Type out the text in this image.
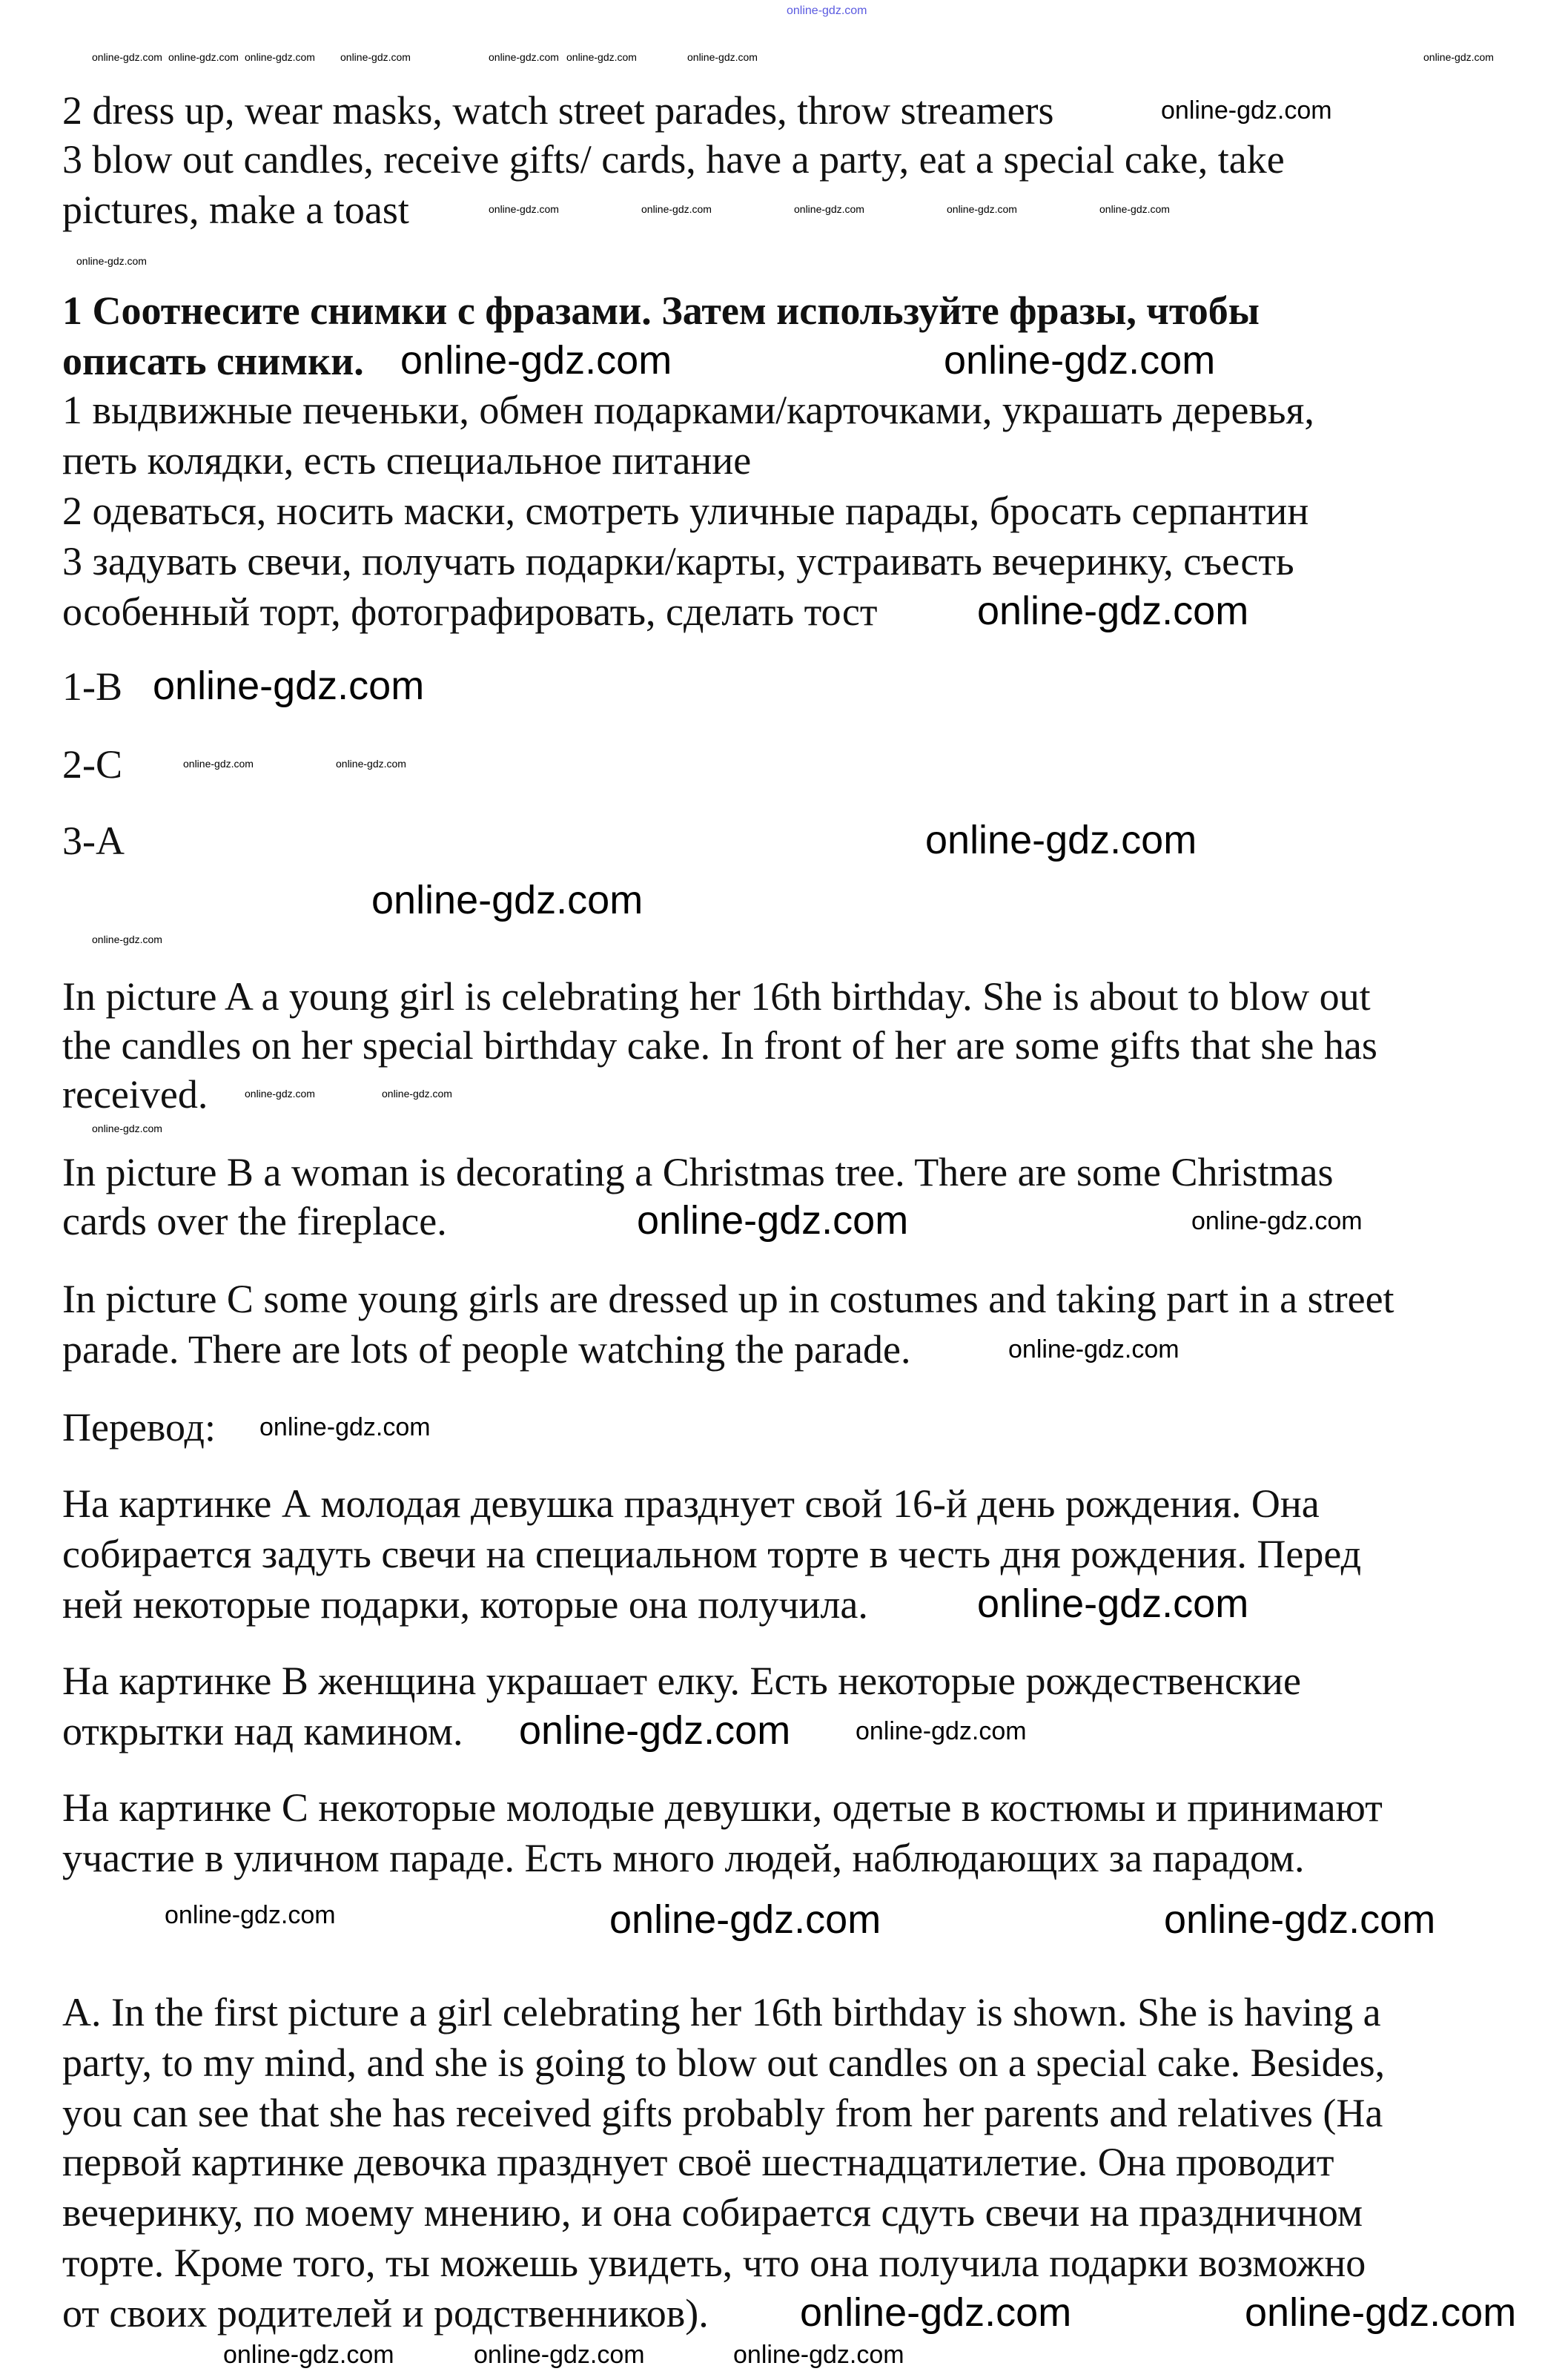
2 dress up, wear masks, watch street parades, throw streamers
3 blow out candles, receive gifts/ cards, have a party, eat a special cake, take
pictures, make a toast
1 Соотнесите снимки с фразами. Затем используйте фразы, чтобы
описать снимки.
1 выдвижные печеньки, обмен подарками/карточками, украшать деревья,
петь колядки, есть специальное питание
2 одеваться, носить маски, смотреть уличные парады, бросать серпантин
3 задувать свечи, получать подарки/карты, устраивать вечеринку, съесть
особенный торт, фотографировать, сделать тост
1-В
2-С
3-А
In picture A a young girl is celebrating her 16th birthday. She is about to blow out
the candles on her special birthday cake. In front of her are some gifts that she has
received.
In picture B a woman is decorating a Christmas tree. There are some Christmas
cards over the fireplace.
In picture C some young girls are dressed up in costumes and taking part in a street
parade. There are lots of people watching the parade.
Перевод:
На картинке А молодая девушка празднует свой 16-й день рождения. Она
собирается задуть свечи на специальном торте в честь дня рождения. Перед
ней некоторые подарки, которые она получила.
На картинке В женщина украшает елку. Есть некоторые рождественские
открытки над камином.
На картинке С некоторые молодые девушки, одетые в костюмы и принимают
участие в уличном параде. Есть много людей, наблюдающих за парадом.
A. In the first picture a girl celebrating her 16th birthday is shown. She is having a
party, to my mind, and she is going to blow out candles on a special cake. Besides,
you can see that she has received gifts probably from her parents and relatives (На
первой картинке девочка празднует своё шестнадцатилетие. Она проводит
вечеринку, по моему мнению, и она собирается сдуть свечи на праздничном
торте. Кроме того, ты можешь увидеть, что она получила подарки возможно
от своих родителей и родственников).
online-gdz.com
online-gdz.com online-gdz.com online-gdz.com online-gdz.com	online-gdz.com online-gdz.com	online-gdz.com	online-gdz.com
online-gdz.com
online-gdz.com	online-gdz.com	online-gdz.com	online-gdz.com	online-gdz.com
online-gdz.com
online-gdz.com	online-gdz.com
online-gdz.com
online-gdz.com
online-gdz.com	online-gdz.com
online-gdz.com
online-gdz.com
online-gdz.com
online-gdz.com	online-gdz.com
online-gdz.com
online-gdz.com	online-gdz.com
online-gdz.com
online-gdz.com
online-gdz.com
online-gdz.com	online-gdz.com
online-gdz.com	online-gdz.com	online-gdz.com
online-gdz.com	online-gdz.com
online-gdz.com	online-gdz.com	online-gdz.com
